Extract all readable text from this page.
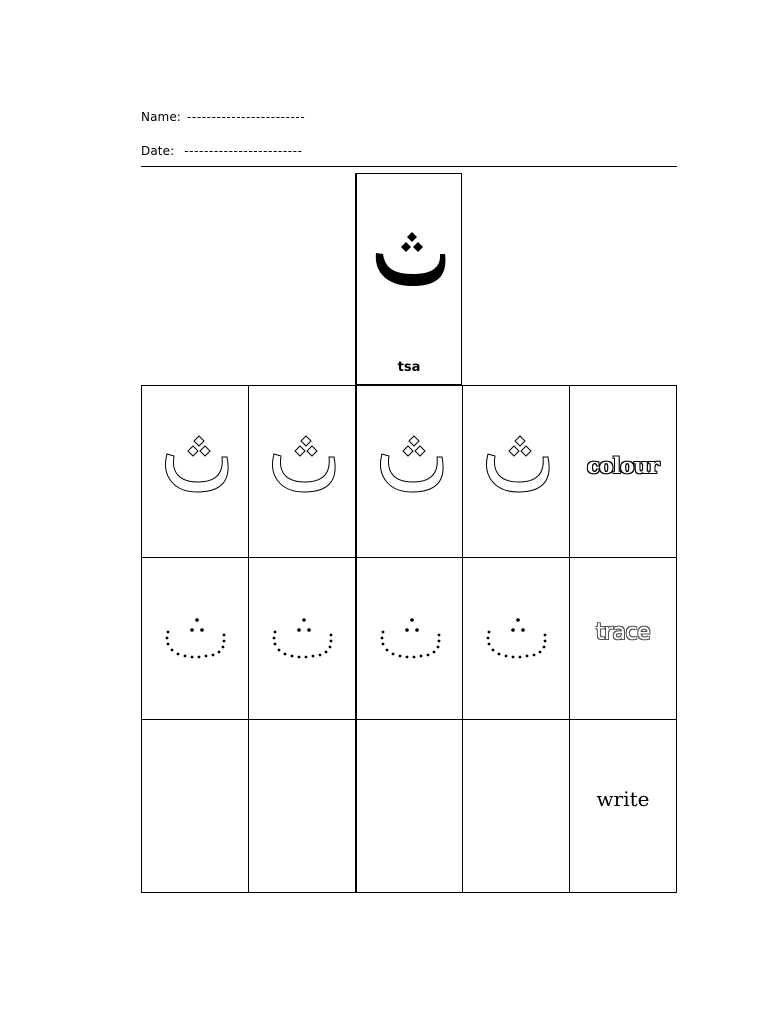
Name: ------------------------
Date: ------------------------
tsa
colour
trace
write
